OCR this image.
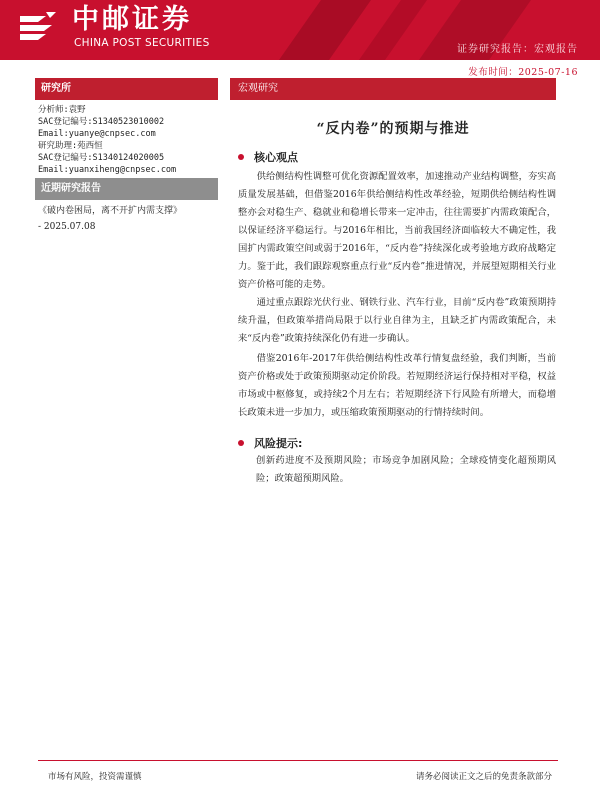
中邮证券
CHINA POST SECURITIES
证券研究报告：宏观报告
发布时间：2025-07-16
研究所
分析师:袁野
SAC登记编号:S1340523010002
Email:yuanye@cnpsec.com
研究助理:苑西恒
SAC登记编号:S1340124020005
Email:yuanxiheng@cnpsec.com
近期研究报告
《破内卷困局，离不开扩内需支撑》
- 2025.07.08
宏观研究
“反内卷”的预期与推进
核心观点
供给侧结构性调整可优化资源配置效率，加速推动产业结构调整，夯实高质量发展基础，但借鉴2016年供给侧结构性改革经验，短期供给侧结构性调整亦会对稳生产、稳就业和稳增长带来一定冲击，往往需要扩内需政策配合，以保证经济平稳运行。与2016年相比，当前我国经济面临较大不确定性，我国扩内需政策空间或弱于2016年，“反内卷”持续深化或考验地方政府战略定力。鉴于此，我们跟踪观察重点行业“反内卷”推进情况，并展望短期相关行业资产价格可能的走势。
通过重点跟踪光伏行业、钢铁行业、汽车行业，目前“反内卷”政策预期持续升温，但政策举措尚局限于以行业自律为主，且缺乏扩内需政策配合，未来“反内卷”政策持续深化仍有进一步确认。
借鉴2016年-2017年供给侧结构性改革行情复盘经验，我们判断，当前资产价格或处于政策预期驱动定价阶段。若短期经济运行保持相对平稳，权益市场或中枢修复，或持续2个月左右；若短期经济下行风险有所增大，而稳增长政策未进一步加力，或压缩政策预期驱动的行情持续时间。
风险提示:
创新药进度不及预期风险；市场竞争加剧风险；全球疫情变化超预期风险；政策超预期风险。
市场有风险，投资需谨慎	请务必阅读正文之后的免责条款部分
